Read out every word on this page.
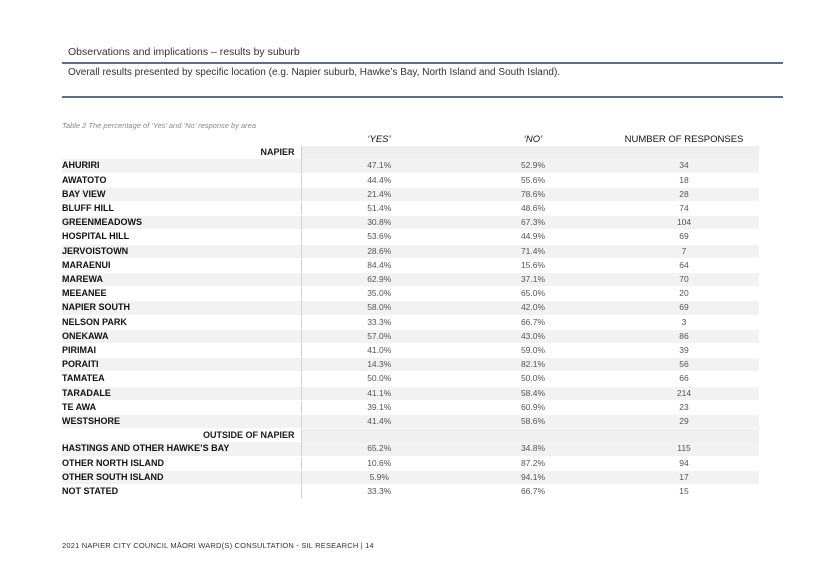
Observations and implications – results by suburb
Overall results presented by specific location (e.g. Napier suburb, Hawke’s Bay, North Island and South Island).
Table 2 The percentage of ‘Yes’ and ‘No’ response by area
	‘YES’	‘NO’	NUMBER OF RESPONSES
NAPIER			
AHURIRI	47.1%	52.9%	34
AWATOTO	44.4%	55.6%	18
BAY VIEW	21.4%	78.6%	28
BLUFF HILL	51.4%	48.6%	74
GREENMEADOWS	30.8%	67.3%	104
HOSPITAL HILL	53.6%	44.9%	69
JERVOISTOWN	28.6%	71.4%	7
MARAENUI	84.4%	15.6%	64
MAREWA	62.9%	37.1%	70
MEEANEE	35.0%	65.0%	20
NAPIER SOUTH	58.0%	42.0%	69
NELSON PARK	33.3%	66.7%	3
ONEKAWA	57.0%	43.0%	86
PIRIMAI	41.0%	59.0%	39
PORAITI	14.3%	82.1%	56
TAMATEA	50.0%	50.0%	66
TARADALE	41.1%	58.4%	214
TE AWA	39.1%	60.9%	23
WESTSHORE	41.4%	58.6%	29
OUTSIDE OF NAPIER			
HASTINGS AND OTHER HAWKE’S BAY	65.2%	34.8%	115
OTHER NORTH ISLAND	10.6%	87.2%	94
OTHER SOUTH ISLAND	5.9%	94.1%	17
NOT STATED	33.3%	66.7%	15
2021 NAPIER CITY COUNCIL MĀORI WARD(S) CONSULTATION - SIL RESEARCH | 14
